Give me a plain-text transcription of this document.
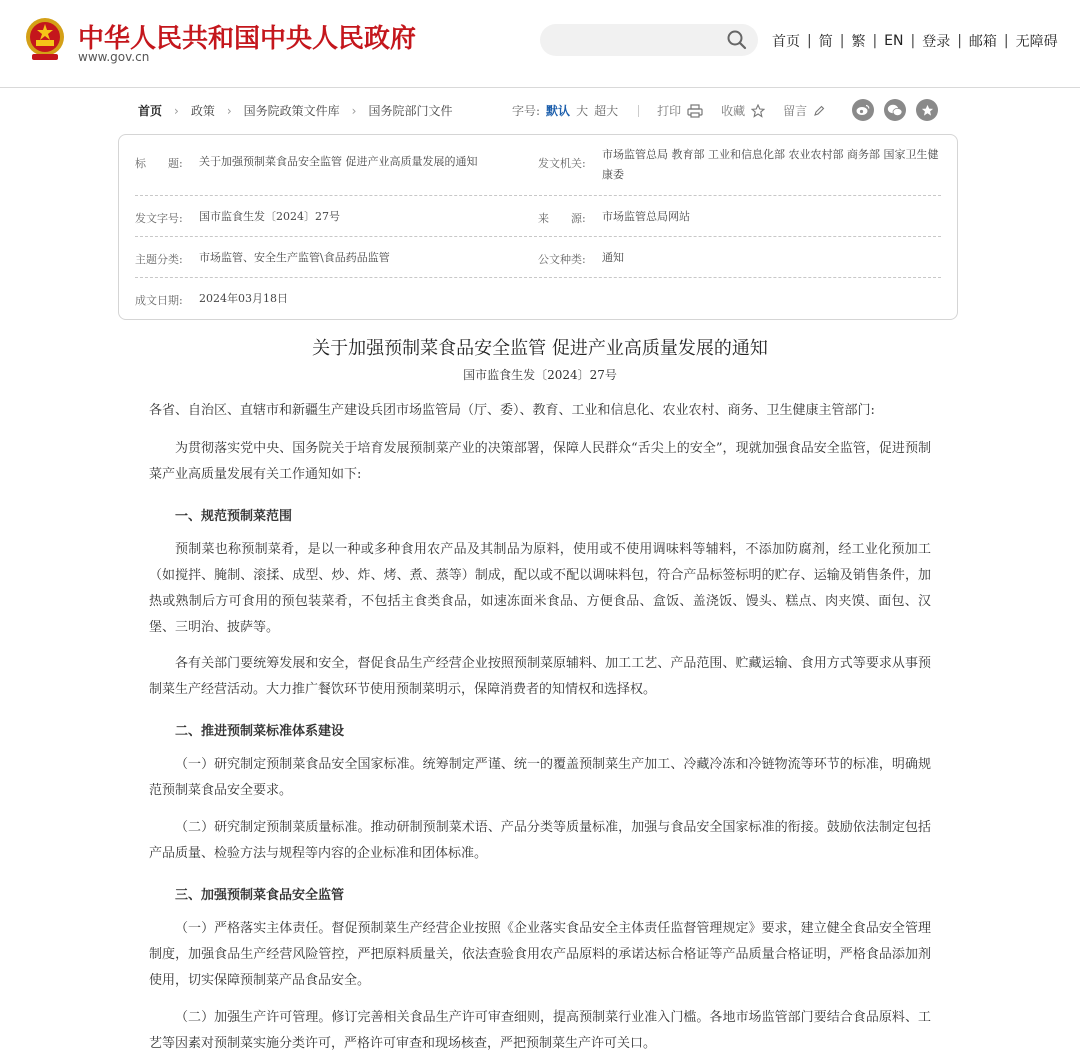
中华人民共和国中央人民政府
www.gov.cn
首页 | 简 | 繁 | EN | 登录 | 邮箱 | 无障碍
首页 › 政策 › 国务院政策文件库 › 国务院部门文件	字号: 默认 大 超大	打印	收藏	留言
标　　题: 关于加强预制菜食品安全监管 促进产业高质量发展的通知	发文机关:
市场监管总局 教育部 工业和信息化部 农业农村部 商务部 国家卫生健康委
发文字号: 国市监食生发〔2024〕27号	来　　源: 市场监管总局网站
主题分类: 市场监管、安全生产监管\食品药品监管	公文种类: 通知
成文日期: 2024年03月18日
关于加强预制菜食品安全监管 促进产业高质量发展的通知
国市监食生发〔2024〕27号
各省、自治区、直辖市和新疆生产建设兵团市场监管局（厅、委）、教育、工业和信息化、农业农村、商务、卫生健康主管部门:
为贯彻落实党中央、国务院关于培育发展预制菜产业的决策部署，保障人民群众“舌尖上的安全”，现就加强食品安全监管，促进预制菜产业高质量发展有关工作通知如下:
一、规范预制菜范围
预制菜也称预制菜肴，是以一种或多种食用农产品及其制品为原料，使用或不使用调味料等辅料，不添加防腐剂，经工业化预加工（如搅拌、腌制、滚揉、成型、炒、炸、烤、煮、蒸等）制成，配以或不配以调味料包，符合产品标签标明的贮存、运输及销售条件，加热或熟制后方可食用的预包装菜肴，不包括主食类食品，如速冻面米食品、方便食品、盒饭、盖浇饭、馒头、糕点、肉夹馍、面包、汉堡、三明治、披萨等。
各有关部门要统筹发展和安全，督促食品生产经营企业按照预制菜原辅料、加工工艺、产品范围、贮藏运输、食用方式等要求从事预制菜生产经营活动。大力推广餐饮环节使用预制菜明示，保障消费者的知情权和选择权。
二、推进预制菜标准体系建设
（一）研究制定预制菜食品安全国家标准。统筹制定严谨、统一的覆盖预制菜生产加工、冷藏冷冻和冷链物流等环节的标准，明确规范预制菜食品安全要求。
（二）研究制定预制菜质量标准。推动研制预制菜术语、产品分类等质量标准，加强与食品安全国家标准的衔接。鼓励依法制定包括产品质量、检验方法与规程等内容的企业标准和团体标准。
三、加强预制菜食品安全监管
（一）严格落实主体责任。督促预制菜生产经营企业按照《企业落实食品安全主体责任监督管理规定》要求，建立健全食品安全管理制度，加强食品生产经营风险管控，严把原料质量关，依法查验食用农产品原料的承诺达标合格证等产品质量合格证明，严格食品添加剂使用，切实保障预制菜产品食品安全。
（二）加强生产许可管理。修订完善相关食品生产许可审查细则，提高预制菜行业准入门槛。各地市场监管部门要结合食品原料、工艺等因素对预制菜实施分类许可，严格许可审查和现场核查，严把预制菜生产许可关口。
